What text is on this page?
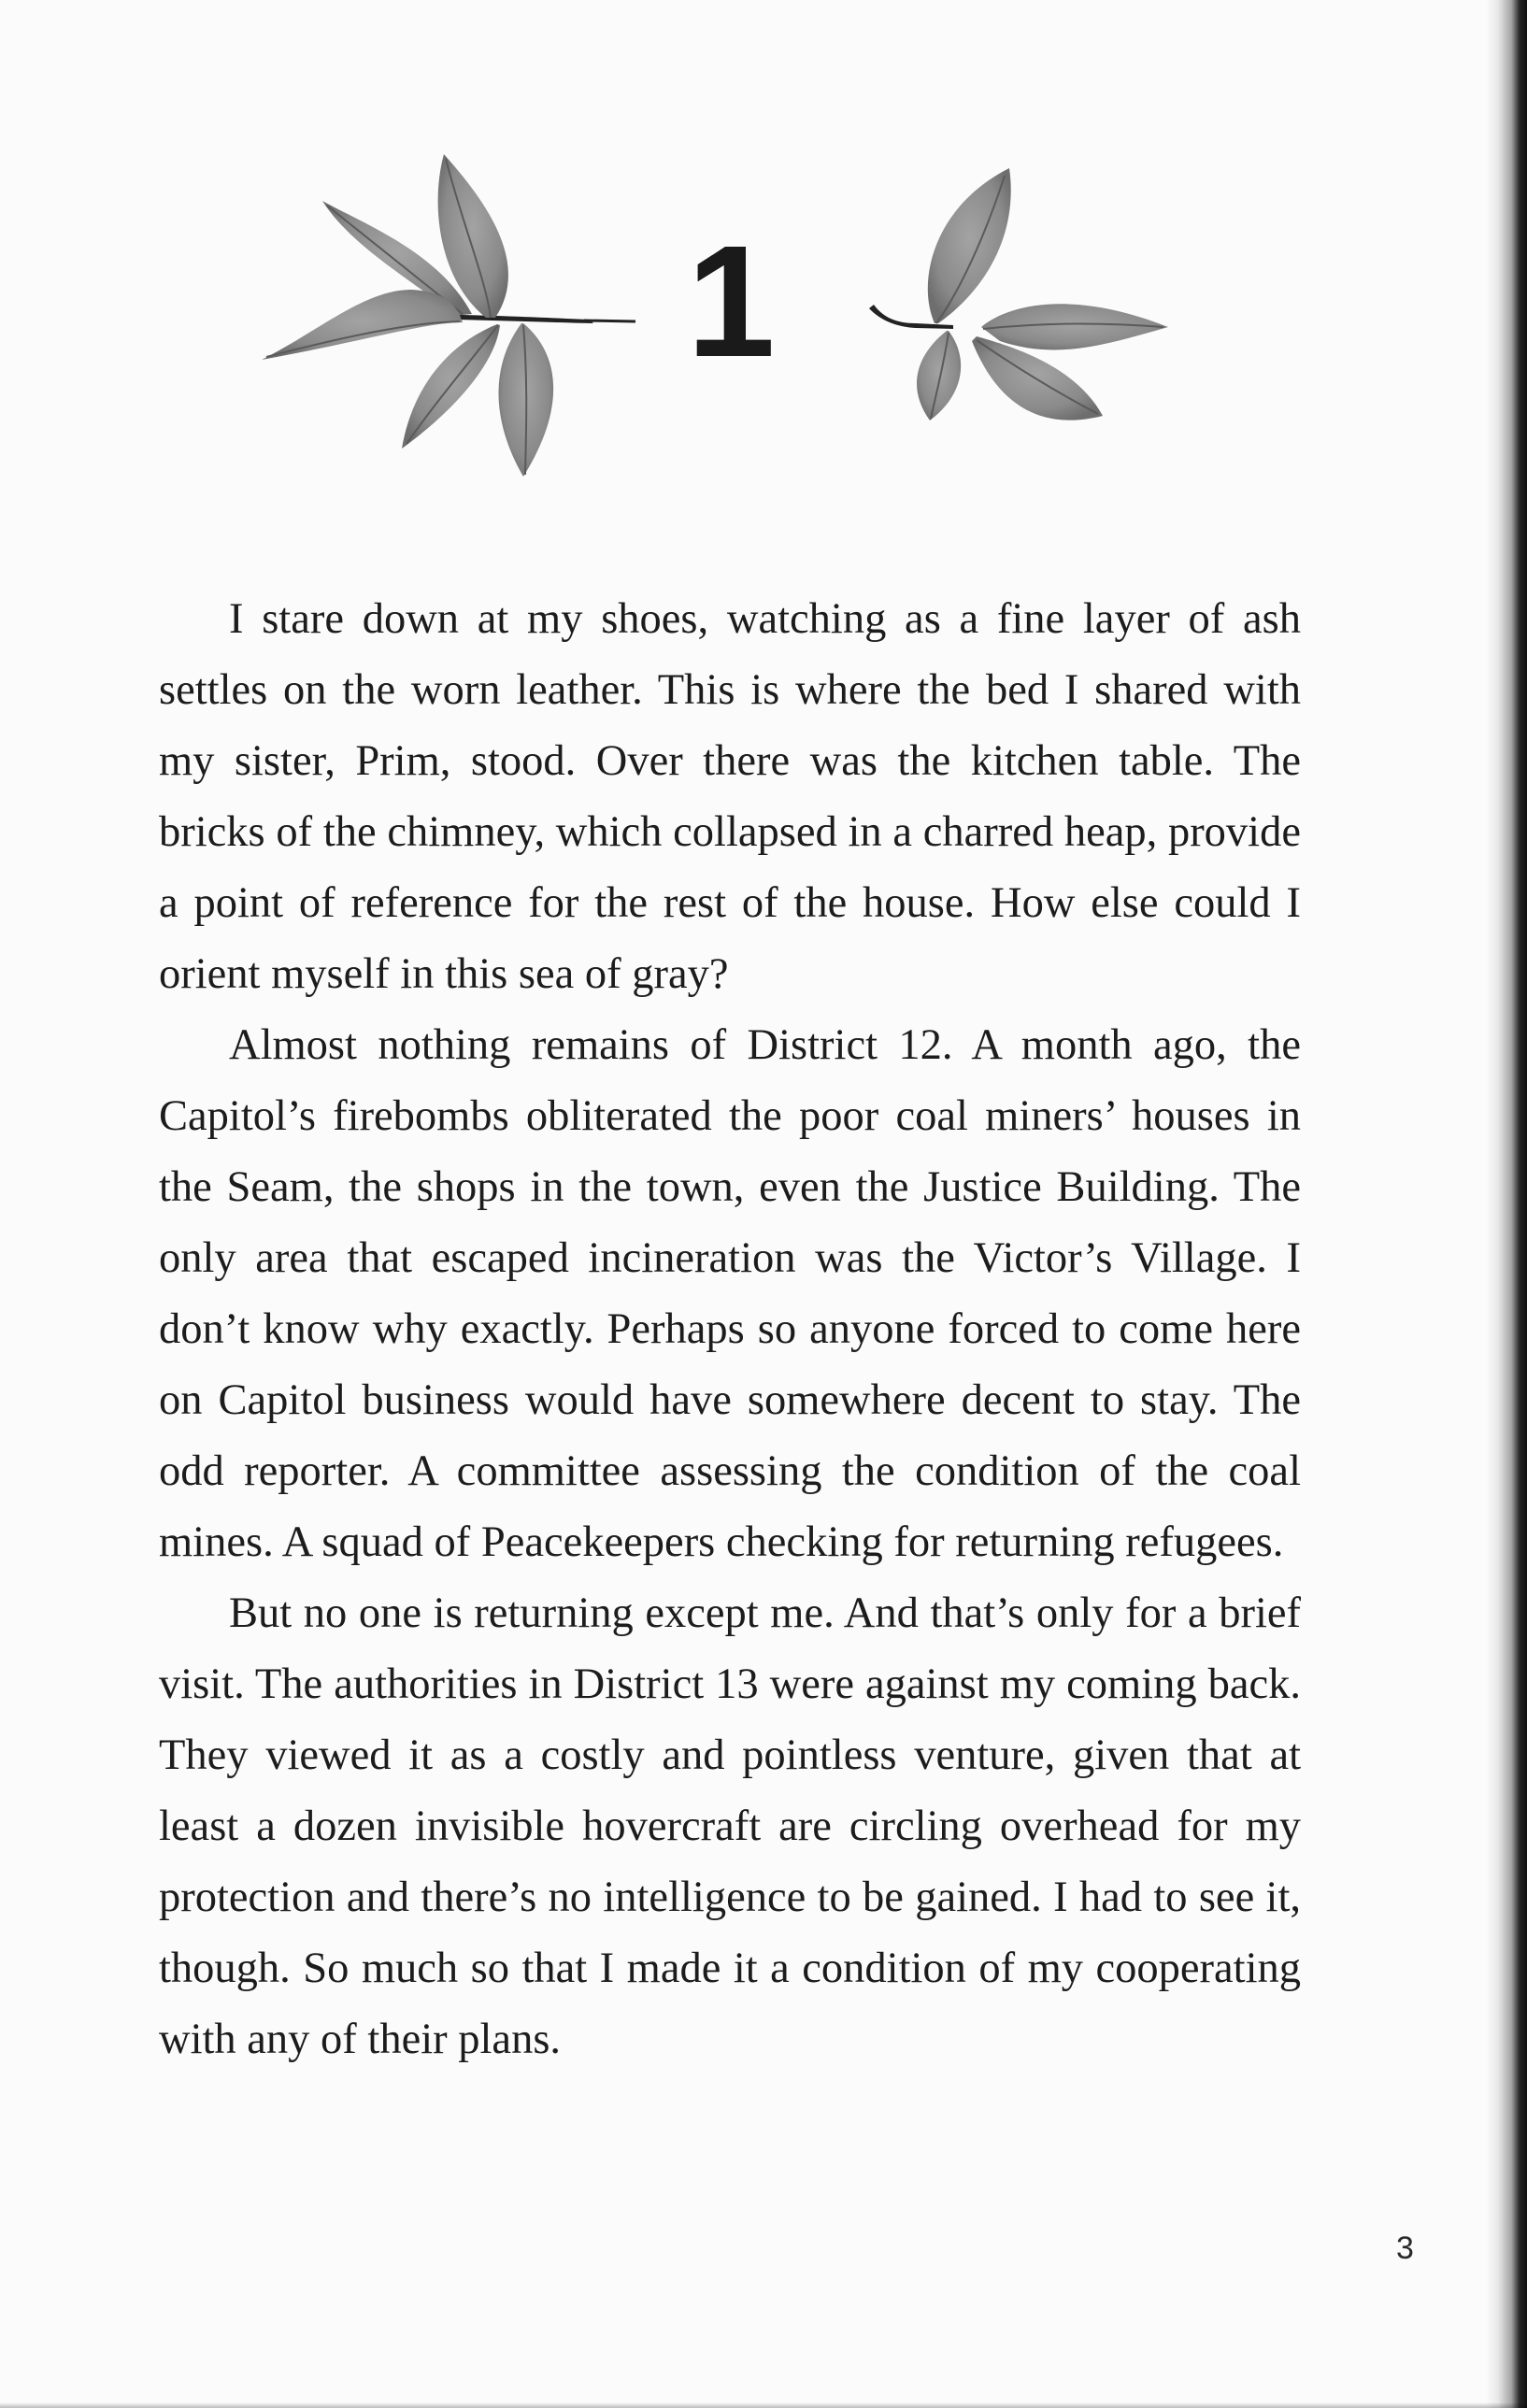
1

I stare down at my shoes, watching as a fine layer of ash settles on the worn leather. This is where the bed I shared with my sister, Prim, stood. Over there was the kitchen table. The bricks of the chimney, which collapsed in a charred heap, provide a point of reference for the rest of the house. How else could I orient myself in this sea of gray?

Almost nothing remains of District 12. A month ago, the Capitol’s firebombs obliterated the poor coal miners’ houses in the Seam, the shops in the town, even the Justice Building. The only area that escaped incineration was the Victor’s Village. I don’t know why exactly. Perhaps so anyone forced to come here on Capitol business would have somewhere decent to stay. The odd reporter. A committee assessing the condition of the coal mines. A squad of Peacekeepers checking for returning refugees.

But no one is returning except me. And that’s only for a brief visit. The authorities in District 13 were against my coming back. They viewed it as a costly and pointless venture, given that at least a dozen invisible hovercraft are circling overhead for my protection and there’s no intelligence to be gained. I had to see it, though. So much so that I made it a condition of my cooperating with any of their plans.

3
